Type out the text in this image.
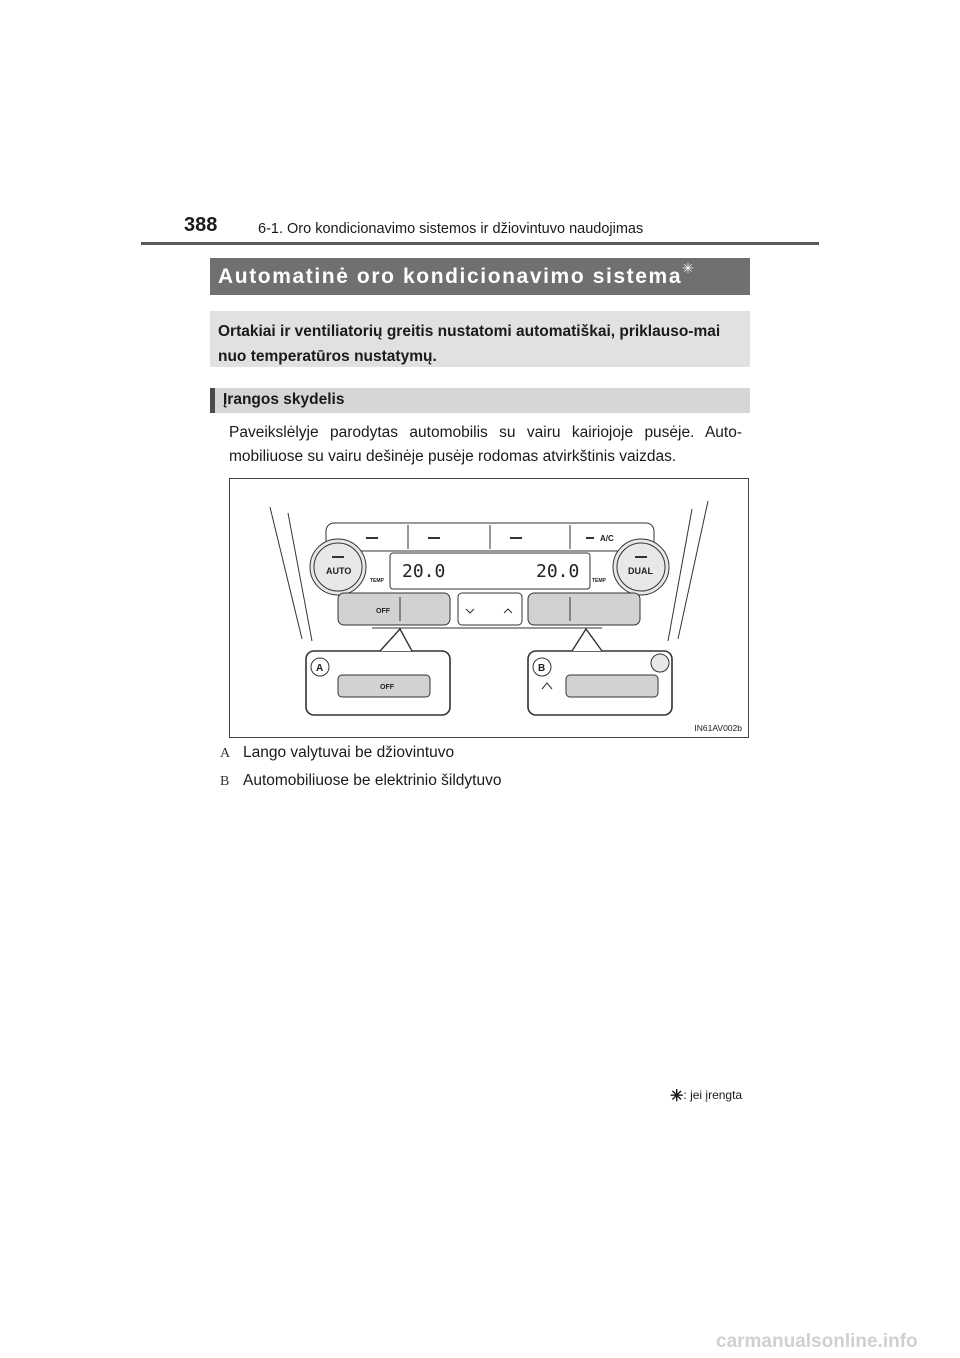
388	6-1. Oro kondicionavimo sistemos ir džiovintuvo naudojimas
Automatinė oro kondicionavimo sistema✳
Ortakiai ir ventiliatorių greitis nustatomi automatiškai, priklauso-mai nuo temperatūros nustatymų.
Įrangos skydelis
Paveikslėlyje parodytas automobilis su vairu kairiojoje pusėje. Auto-mobiliuose su vairu dešinėje pusėje rodomas atvirkštinis vaizdas.
AUTO	DUAL
TEMP	TEMP
A/C
20.0	20.0
OFF
OFF
A	B
IN61AV002b
A Lango valytuvai be džiovintuvo
B Automobiliuose be elektrinio šildytuvo
✳: jei įrengta
carmanualsonline.info
